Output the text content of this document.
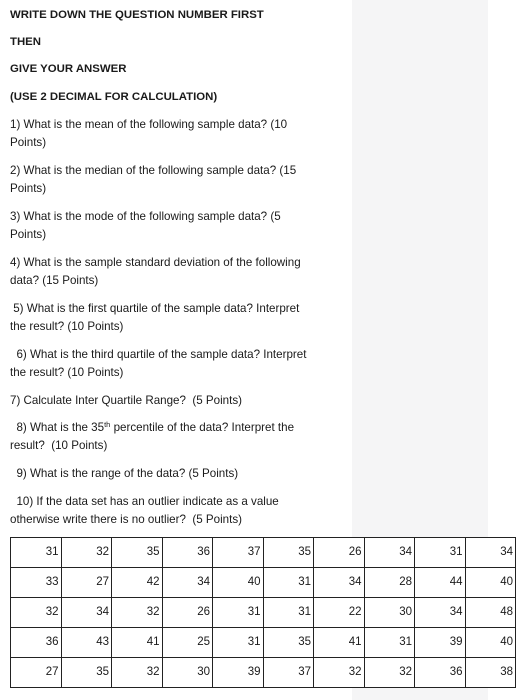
WRITE DOWN THE QUESTION NUMBER FIRST
THEN
GIVE YOUR ANSWER
(USE 2 DECIMAL FOR CALCULATION)
1) What is the mean of the following sample data? (10
Points)
2) What is the median of the following sample data? (15
Points)
3) What is the mode of the following sample data? (5
Points)
4) What is the sample standard deviation of the following
data? (15 Points)
5) What is the first quartile of the sample data? Interpret
the result? (10 Points)
6) What is the third quartile of the sample data? Interpret
the result? (10 Points)
7) Calculate Inter Quartile Range?  (5 Points)
8) What is the 35th percentile of the data? Interpret the
result?  (10 Points)
9) What is the range of the data? (5 Points)
10) If the data set has an outlier indicate as a value
otherwise write there is no outlier?  (5 Points)
31	32	35	36	37	35	26	34	31	34
33	27	42	34	40	31	34	28	44	40
32	34	32	26	31	31	22	30	34	48
36	43	41	25	31	35	41	31	39	40
27	35	32	30	39	37	32	32	36	38
